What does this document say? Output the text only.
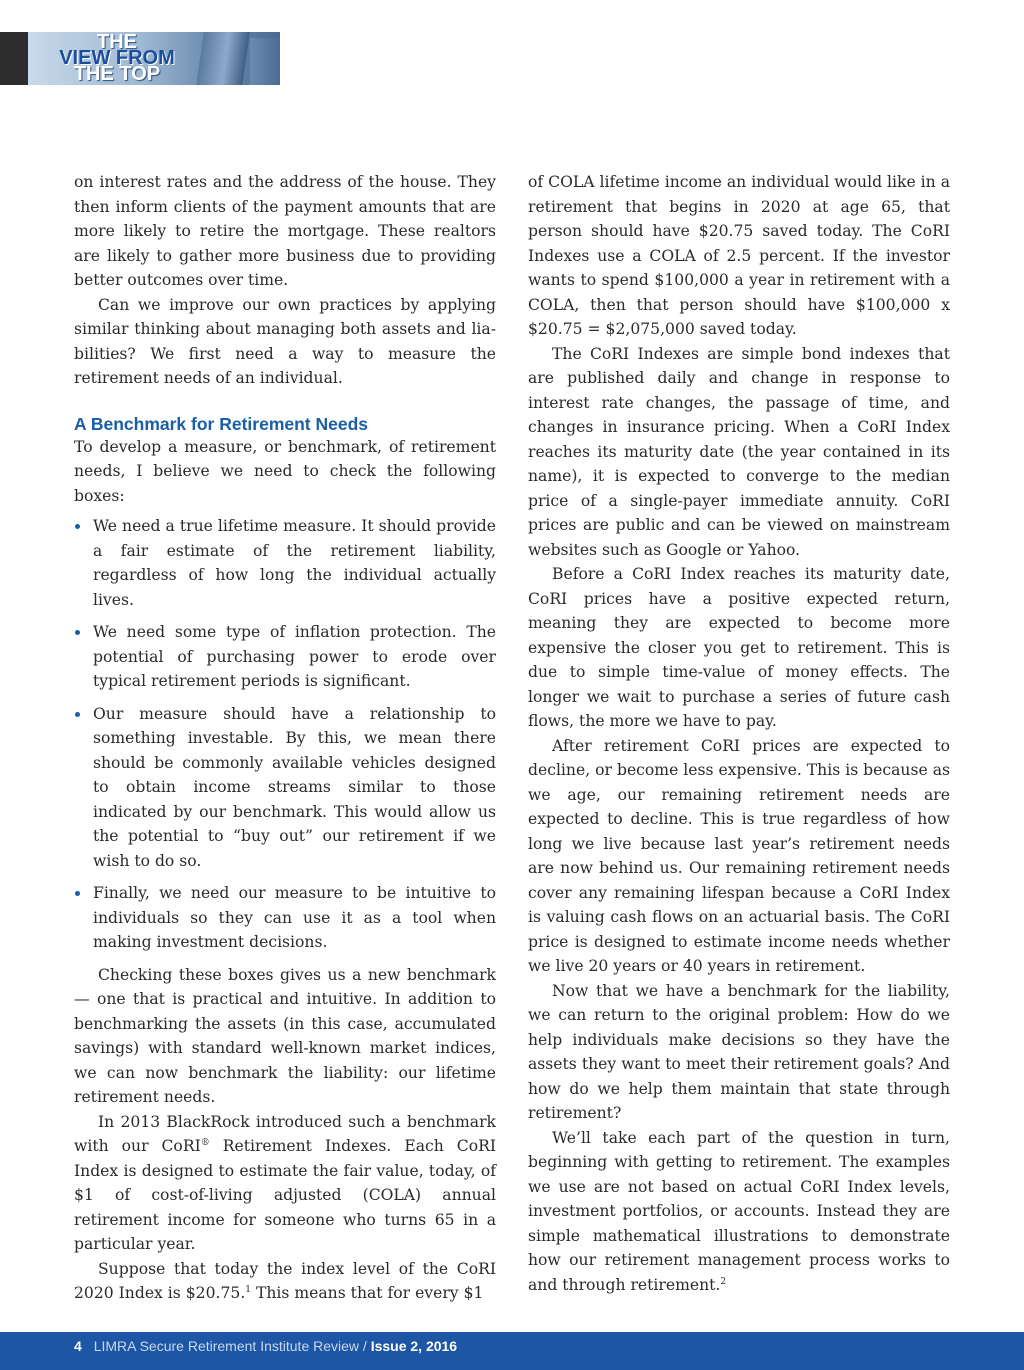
THE
VIEW FROM
THE TOP

on interest rates and the address of the house. They then inform clients of the payment amounts that are more likely to retire the mortgage. These realtors are likely to gather more business due to providing better outcomes over time.

Can we improve our own practices by applying similar thinking about managing both assets and liabilities? We first need a way to measure the retirement needs of an individual.

A Benchmark for Retirement Needs

To develop a measure, or benchmark, of retirement needs, I believe we need to check the following boxes:

We need a true lifetime measure. It should provide a fair estimate of the retirement liability, regardless of how long the individual actually lives.
We need some type of inflation protection. The potential of purchasing power to erode over typical retirement periods is significant.
Our measure should have a relationship to something investable. By this, we mean there should be commonly available vehicles designed to obtain income streams similar to those indicated by our benchmark. This would allow us the potential to “buy out” our retirement if we wish to do so.
Finally, we need our measure to be intuitive to individuals so they can use it as a tool when making investment decisions.

Checking these boxes gives us a new benchmark — one that is practical and intuitive. In addition to benchmarking the assets (in this case, accumulated savings) with standard well-known market indices, we can now benchmark the liability: our lifetime retirement needs.

In 2013 BlackRock introduced such a benchmark with our CoRI® Retirement Indexes. Each CoRI Index is designed to estimate the fair value, today, of $1 of cost-of-living adjusted (COLA) annual retirement income for someone who turns 65 in a particular year.

Suppose that today the index level of the CoRI 2020 Index is $20.75.$^1$ This means that for every $1

of COLA lifetime income an individual would like in a retirement that begins in 2020 at age 65, that person should have $20.75 saved today. The CoRI Indexes use a COLA of 2.5 percent. If the investor wants to spend $100,000 a year in retirement with a COLA, then that person should have $100,000 x $20.75 = $2,075,000 saved today.

The CoRI Indexes are simple bond indexes that are published daily and change in response to interest rate changes, the passage of time, and changes in insurance pricing. When a CoRI Index reaches its maturity date (the year contained in its name), it is expected to converge to the median price of a single-payer immediate annuity. CoRI prices are public and can be viewed on mainstream websites such as Google or Yahoo.

Before a CoRI Index reaches its maturity date, CoRI prices have a positive expected return, meaning they are expected to become more expensive the closer you get to retirement. This is due to simple time-value of money effects. The longer we wait to purchase a series of future cash flows, the more we have to pay.

After retirement CoRI prices are expected to decline, or become less expensive. This is because as we age, our remaining retirement needs are expected to decline. This is true regardless of how long we live because last year’s retirement needs are now behind us. Our remaining retirement needs cover any remaining lifespan because a CoRI Index is valuing cash flows on an actuarial basis. The CoRI price is designed to estimate income needs whether we live 20 years or 40 years in retirement.

Now that we have a benchmark for the liability, we can return to the original problem: How do we help individuals make decisions so they have the assets they want to meet their retirement goals? And how do we help them maintain that state through retirement?

We’ll take each part of the question in turn, beginning with getting to retirement. The examples we use are not based on actual CoRI Index levels, investment portfolios, or accounts. Instead they are simple mathematical illustrations to demonstrate how our retirement management process works to and through retirement.$^2$

4 LIMRA Secure Retirement Institute Review / Issue 2, 2016
